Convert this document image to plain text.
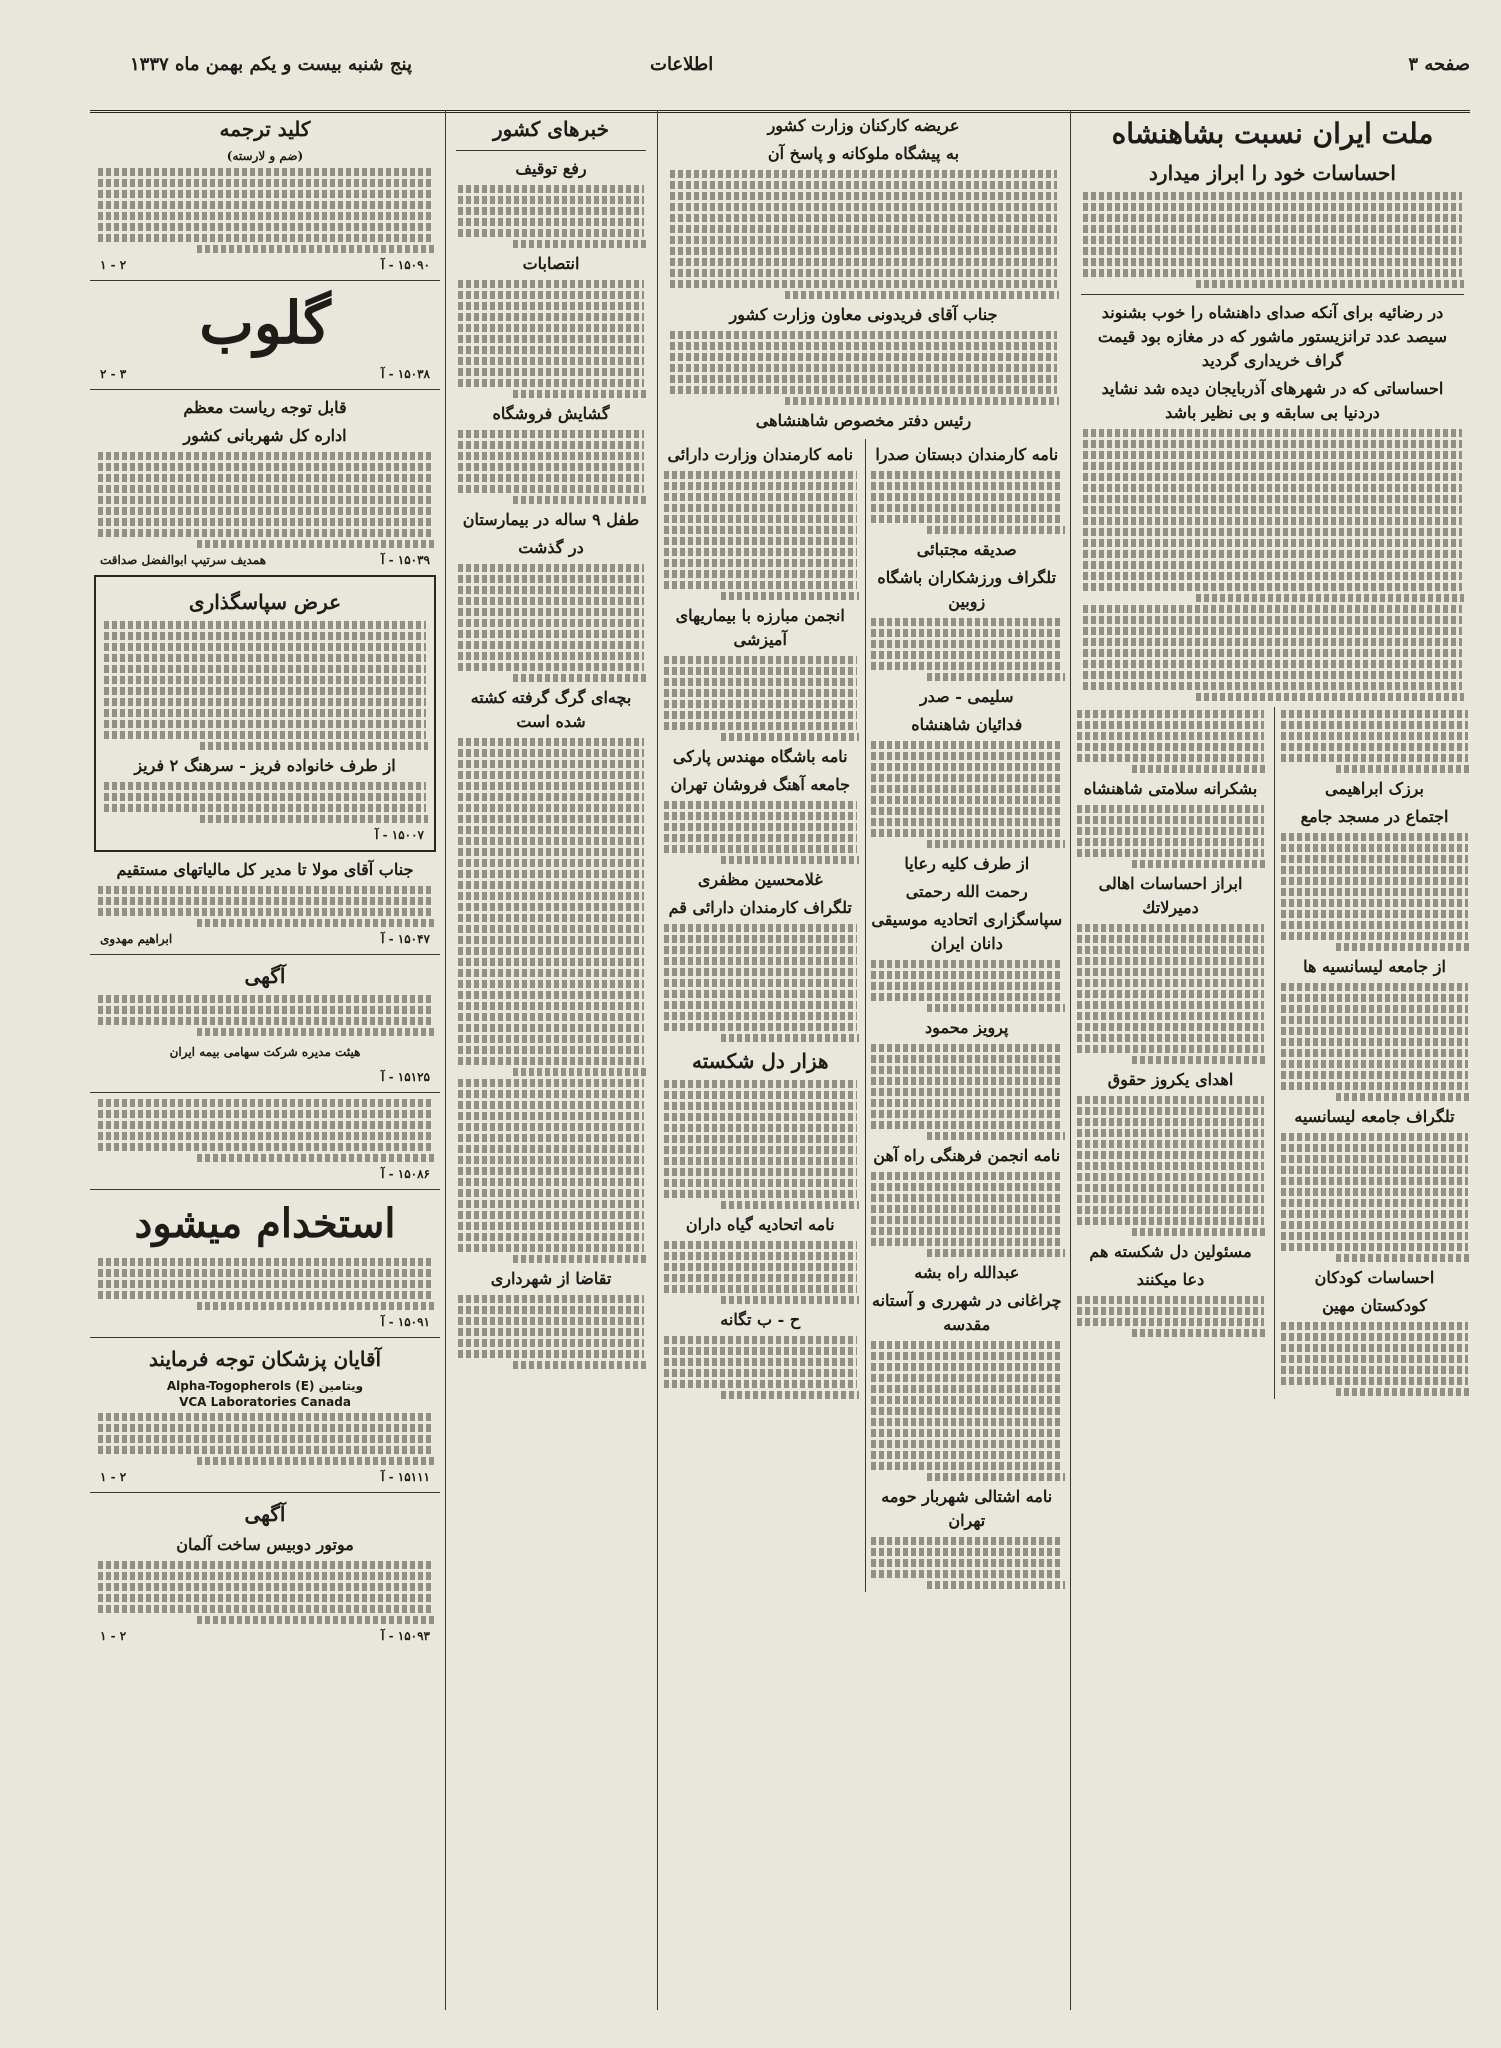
صفحه ۳
اطلاعات
پنج شنبه بیست و یکم بهمن ماه ۱۳۳۷
ملت ایران نسبت بشاهنشاه
احساسات خود را ابراز میدارد
در رضائیه برای آنکه صدای داهنشاه را خوب بشنوند سیصد عدد ترانزیستور ماشور که در مغازه بود قیمت گراف خریداری گردید
احساساتی که در شهرهای آذربایجان دیده شد نشاید دردنیا بی سابقه و بی نظیر باشد
برزک ابراهیمی
اجتماع در مسجد جامع
از جامعه لیسانسیه ها
تلگراف جامعه لیسانسیه
احساسات کودکان
کودکستان مهین
بشکرانه سلامتی شاهنشاه
ابراز احساسات اهالی دمیرلاتك
اهدای یکروز حقوق
مسئولین دل شکسته هم
دعا میکنند
عریضه کارکنان وزارت کشور
به پیشگاه ملوکانه و پاسخ آن
جناب آقای فریدونی معاون وزارت کشور
رئیس دفتر مخصوص شاهنشاهی
نامه کارمندان دبستان صدرا
صدیقه مجتبائی
تلگراف ورزشکاران باشگاه زوبین
سلیمی - صدر
فدائیان شاهنشاه
از طرف کلیه رعایا
رحمت الله رحمتی
سپاسگزاری اتحادیه موسیقی دانان ایران
پرویز محمود
نامه انجمن فرهنگی راه آهن
عبدالله راه بشه
چراغانی در شهرری و آستانه مقدسه
نامه اشتالی شهربار حومه تهران
نامه کارمندان وزارت دارائی
انجمن مبارزه با بیماریهای آمیزشی
نامه باشگاه مهندس پارکی
جامعه آهنگ فروشان تهران
غلامحسین مظفری
تلگراف کارمندان دارائی قم
هزار دل شکسته
نامه اتحادیه گیاه داران
ح - ب تگانه
خبرهای کشور
رفع توقیف
انتصابات
گشایش فروشگاه
طفل ۹ ساله در بیمارستان
در گذشت
بچه‌ای گرگ گرفته کشته شده است
تقاضا از شهرداری
کلید ترجمه
(ضم و لارسته)
۱۵۰۹۰ - آ
۲ - ۱
گلوب
۱۵۰۳۸ - آ
۳ - ۲
قابل توجه ریاست معظم
اداره کل شهربانی کشور
۱۵۰۳۹ - آ
همدیف سرتیپ ابوالفضل صداقت
عرض سپاسگذاری
از طرف خانواده فریز - سرهنگ ۲ فریز
۱۵۰۰۷ - آ
جناب آقای مولا تا مدیر کل مالیاتهای مستقیم
۱۵۰۴۷ - آ
ابراهیم مهدوی
آگهی
هیئت مدیره شرکت سهامی بیمه ایران
۱۵۱۲۵ - آ
۱۵۰۸۶ - آ
استخدام میشود
۱۵۰۹۱ - آ
آقایان پزشکان توجه فرمایند
Alpha-Togopherols (E) ویتامین
VCA Laboratories Canada
۱۵۱۱۱ - آ
۲ - ۱
آگهی
موتور دوبیس ساخت آلمان
۱۵۰۹۳ - آ
۲ - ۱
